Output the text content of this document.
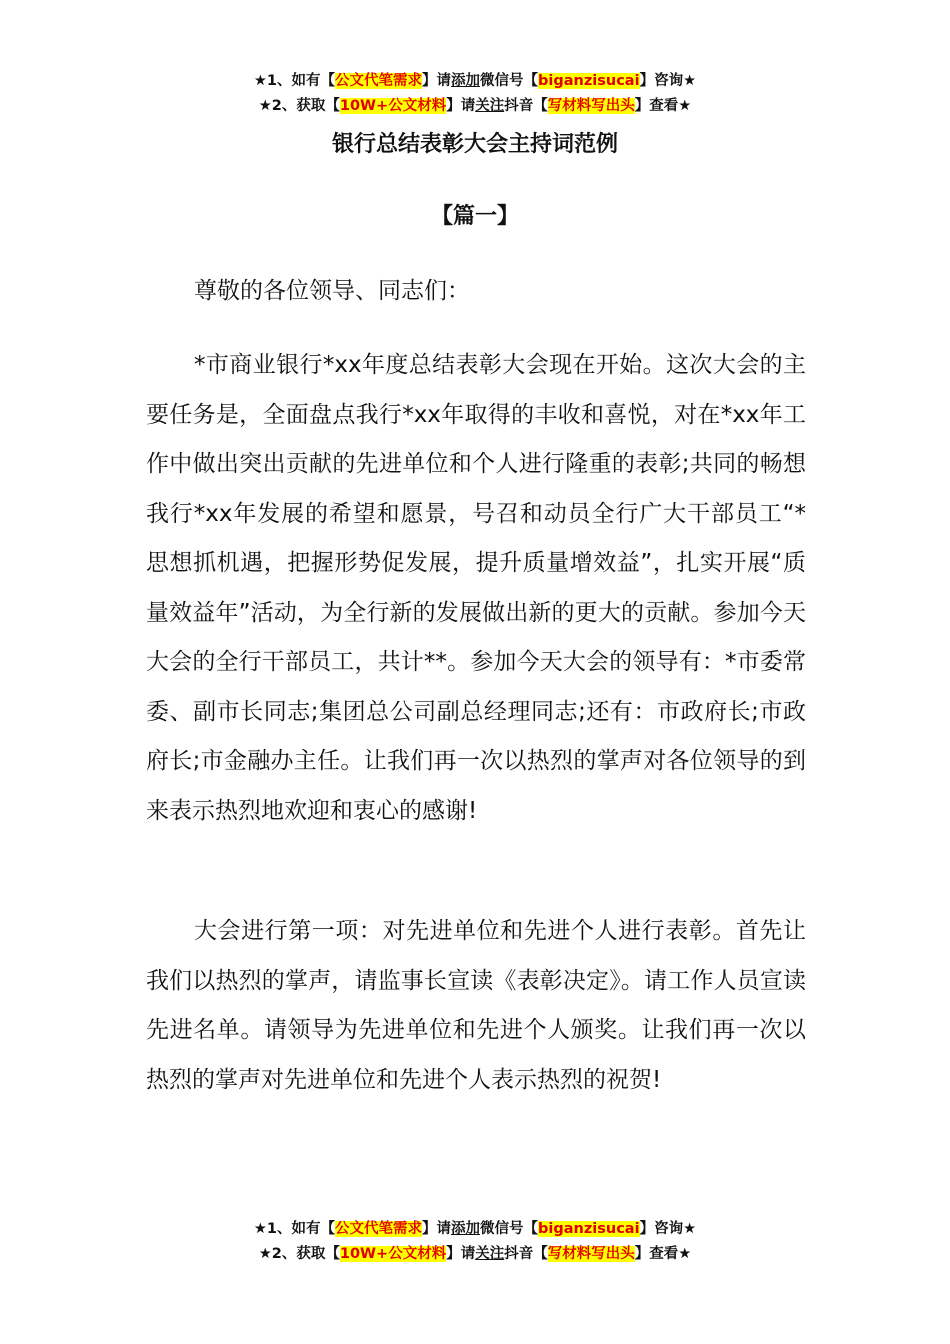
★1、如有【公文代笔需求】请添加微信号【biganzisucai】咨询★
★2、获取【10W+公文材料】请关注抖音【写材料写出头】查看★
银行总结表彰大会主持词范例
【篇一】
尊敬的各位领导、同志们：
*市商业银行*xx年度总结表彰大会现在开始。这次大会的主要任务是，全面盘点我行*xx年取得的丰收和喜悦，对在*xx年工作中做出突出贡献的先进单位和个人进行隆重的表彰;共同的畅想我行*xx年发展的希望和愿景，号召和动员全行广大干部员工“*思想抓机遇，把握形势促发展，提升质量增效益”，扎实开展“质量效益年”活动，为全行新的发展做出新的更大的贡献。参加今天大会的全行干部员工，共计**。参加今天大会的领导有：*市委常委、副市长同志;集团总公司副总经理同志;还有：市政府长;市政府长;市金融办主任。让我们再一次以热烈的掌声对各位领导的到来表示热烈地欢迎和衷心的感谢!
大会进行第一项：对先进单位和先进个人进行表彰。首先让我们以热烈的掌声，请监事长宣读《表彰决定》。请工作人员宣读先进名单。请领导为先进单位和先进个人颁奖。让我们再一次以热烈的掌声对先进单位和先进个人表示热烈的祝贺!
★1、如有【公文代笔需求】请添加微信号【biganzisucai】咨询★
★2、获取【10W+公文材料】请关注抖音【写材料写出头】查看★
